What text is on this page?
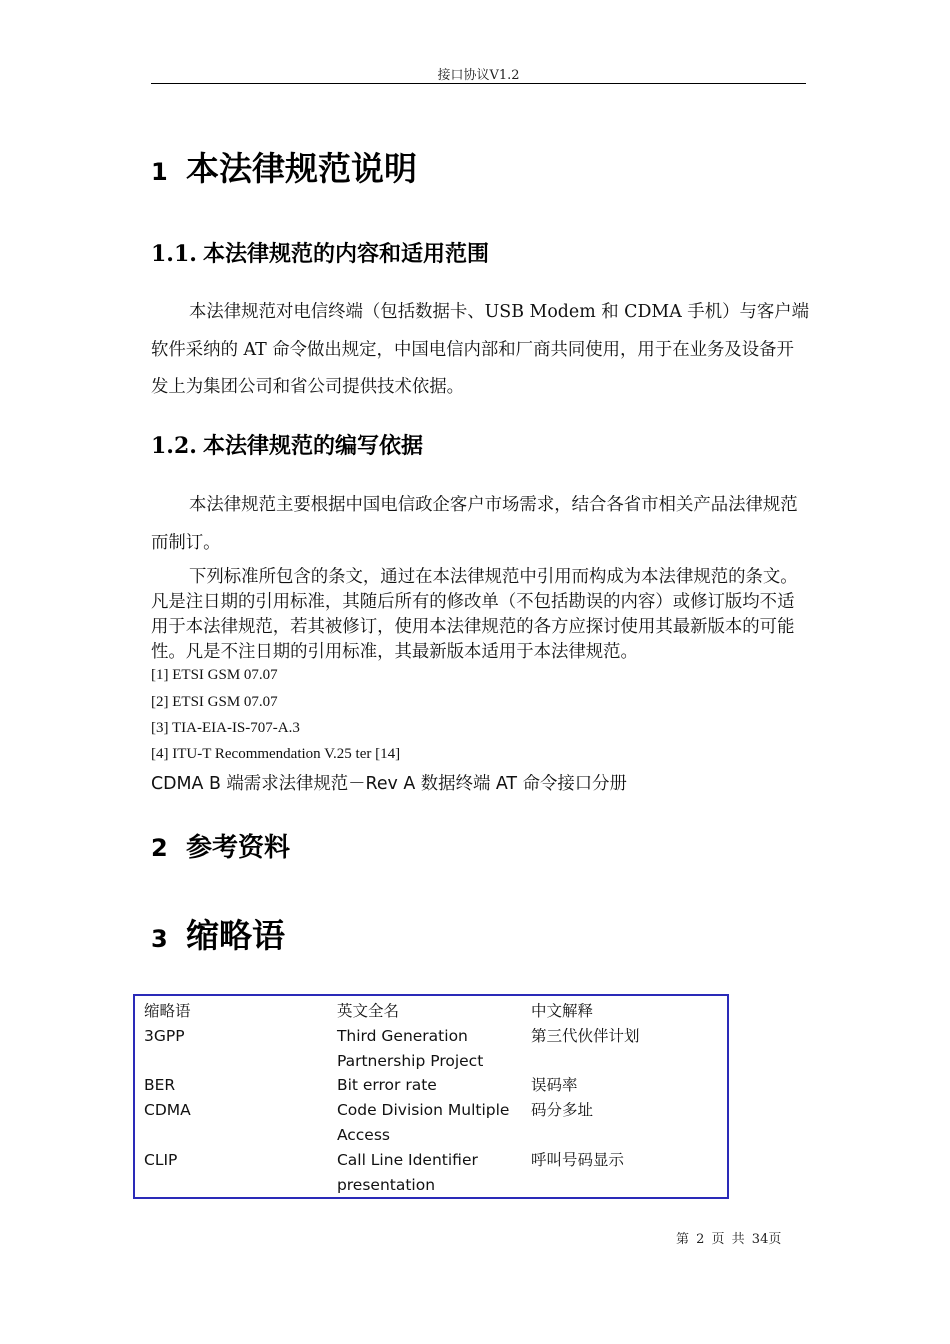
接口协议V1.2
1 本法律规范说明
1.1. 本法律规范的内容和适用范围

本法律规范对电信终端（包括数据卡、USB Modem 和 CDMA 手机）与客户端软件采纳的 AT 命令做出规定，中国电信内部和厂商共同使用，用于在业务及设备开发上为集团公司和省公司提供技术依据。

1.2. 本法律规范的编写依据

本法律规范主要根据中国电信政企客户市场需求，结合各省市相关产品法律规范而制订。

下列标准所包含的条文，通过在本法律规范中引用而构成为本法律规范的条文。凡是注日期的引用标准，其随后所有的修改单（不包括勘误的内容）或修订版均不适用于本法律规范，若其被修订，使用本法律规范的各方应探讨使用其最新版本的可能性。凡是不注日期的引用标准，其最新版本适用于本法律规范。

[1] ETSI GSM 07.07
[2] ETSI GSM 07.07
[3] TIA-EIA-IS-707-A.3
[4] ITU-T Recommendation V.25 ter [14]
CDMA B 端需求法律规范－Rev A 数据终端 AT 命令接口分册
2 参考资料
3 缩略语
缩略语	英文全名	中文解释
3GPP	Third Generation Partnership Project	第三代伙伴计划
BER	Bit error rate	误码率
CDMA	Code Division Multiple Access	码分多址
CLIP	Call Line Identifier presentation	呼叫号码显示
第 2 页 共 34页
